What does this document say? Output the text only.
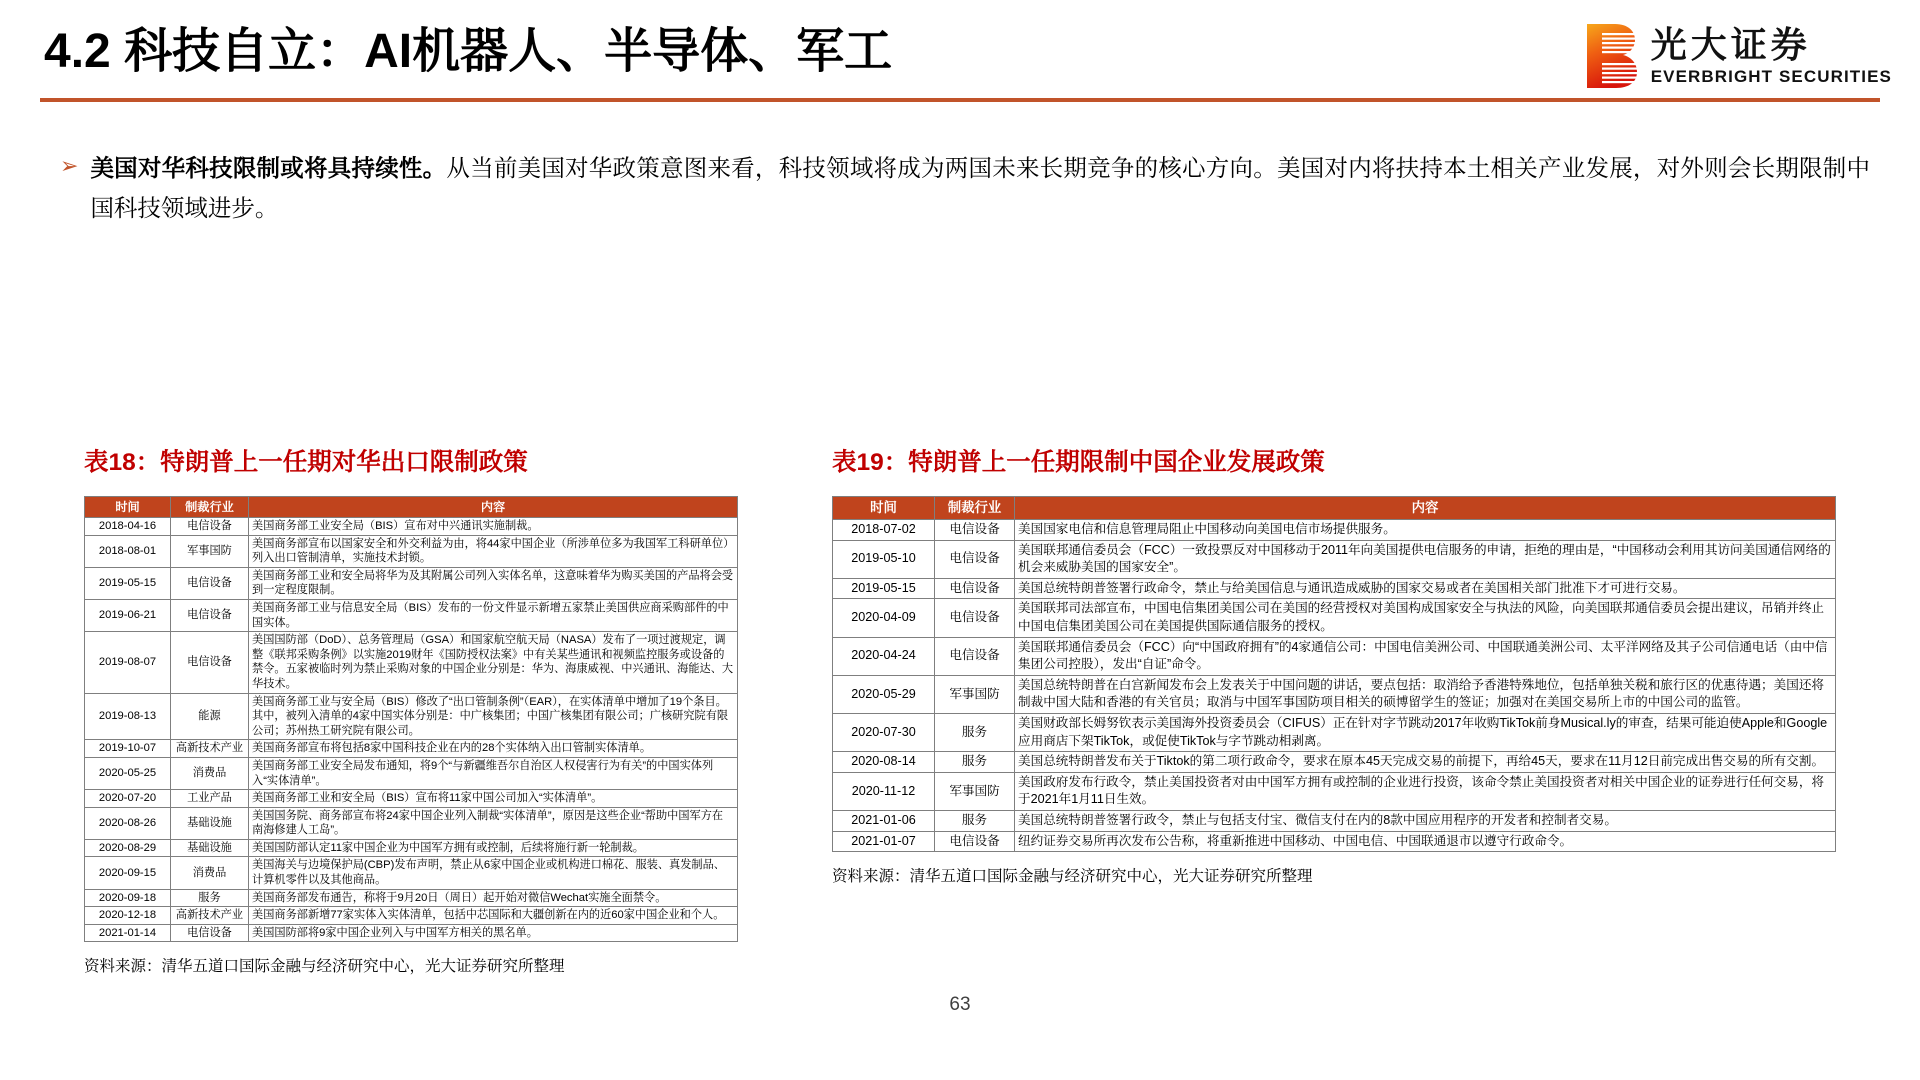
4.2 科技自立：AI机器人、半导体、军工	光大证券
EVERBRIGHT SECURITIES
➢ 美国对华科技限制或将具持续性。从当前美国对华政策意图来看，科技领域将成为两国未来长期竞争的核心方向。美国对内将扶持本土相关产业发展，对外则会长期限制中国科技领域进步。
表18：特朗普上一任期对华出口限制政策
时间	制裁行业	内容
2018-04-16	电信设备	美国商务部工业安全局（BIS）宣布对中兴通讯实施制裁。
2018-08-01	军事国防	美国商务部宣布以国家安全和外交利益为由，将44家中国企业（所涉单位多为我国军工科研单位）列入出口管制清单，实施技术封锁。
2019-05-15	电信设备	美国商务部工业和安全局将华为及其附属公司列入实体名单，这意味着华为购买美国的产品将会受到一定程度限制。
2019-06-21	电信设备	美国商务部工业与信息安全局（BIS）发布的一份文件显示新增五家禁止美国供应商采购部件的中国实体。
2019-08-07	电信设备	美国国防部（DoD）、总务管理局（GSA）和国家航空航天局（NASA）发布了一项过渡规定，调整《联邦采购条例》以实施2019财年《国防授权法案》中有关某些通讯和视频监控服务或设备的禁令。五家被临时列为禁止采购对象的中国企业分别是：华为、海康威视、中兴通讯、海能达、大华技术。
2019-08-13	能源	美国商务部工业与安全局（BIS）修改了“出口管制条例”（EAR），在实体清单中增加了19个条目。其中，被列入清单的4家中国实体分别是：中广核集团；中国广核集团有限公司；广核研究院有限公司；苏州热工研究院有限公司。
2019-10-07	高新技术产业	美国商务部宣布将包括8家中国科技企业在内的28个实体纳入出口管制实体清单。
2020-05-25	消费品	美国商务部工业安全局发布通知，将9个“与新疆维吾尔自治区人权侵害行为有关”的中国实体列入“实体清单”。
2020-07-20	工业产品	美国商务部工业和安全局（BIS）宣布将11家中国公司加入“实体清单”。
2020-08-26	基础设施	美国国务院、商务部宣布将24家中国企业列入制裁“实体清单”，原因是这些企业“帮助中国军方在南海修建人工岛”。
2020-08-29	基础设施	美国国防部认定11家中国企业为中国军方拥有或控制，后续将施行新一轮制裁。
2020-09-15	消费品	美国海关与边境保护局(CBP)发布声明，禁止从6家中国企业或机构进口棉花、服装、真发制品、计算机零件以及其他商品。
2020-09-18	服务	美国商务部发布通告，称将于9月20日（周日）起开始对微信Wechat实施全面禁令。
2020-12-18	高新技术产业	美国商务部新增77家实体入实体清单，包括中芯国际和大疆创新在内的近60家中国企业和个人。
2021-01-14	电信设备	美国国防部将9家中国企业列入与中国军方相关的黑名单。
资料来源：清华五道口国际金融与经济研究中心，光大证券研究所整理
表19：特朗普上一任期限制中国企业发展政策
时间	制裁行业	内容
2018-07-02	电信设备	美国国家电信和信息管理局阻止中国移动向美国电信市场提供服务。
2019-05-10	电信设备	美国联邦通信委员会（FCC）一致投票反对中国移动于2011年向美国提供电信服务的申请，拒绝的理由是，“中国移动会利用其访问美国通信网络的机会来威胁美国的国家安全”。
2019-05-15	电信设备	美国总统特朗普签署行政命令，禁止与给美国信息与通讯造成威胁的国家交易或者在美国相关部门批准下才可进行交易。
2020-04-09	电信设备	美国联邦司法部宣布，中国电信集团美国公司在美国的经营授权对美国构成国家安全与执法的风险，向美国联邦通信委员会提出建议，吊销并终止中国电信集团美国公司在美国提供国际通信服务的授权。
2020-04-24	电信设备	美国联邦通信委员会（FCC）向“中国政府拥有”的4家通信公司：中国电信美洲公司、中国联通美洲公司、太平洋网络及其子公司信通电话（由中信集团公司控股），发出“自证”命令。
2020-05-29	军事国防	美国总统特朗普在白宫新闻发布会上发表关于中国问题的讲话，要点包括：取消给予香港特殊地位，包括单独关税和旅行区的优惠待遇；美国还将制裁中国大陆和香港的有关官员；取消与中国军事国防项目相关的硕博留学生的签证；加强对在美国交易所上市的中国公司的监管。
2020-07-30	服务	美国财政部长姆努钦表示美国海外投资委员会（CIFUS）正在针对字节跳动2017年收购TikTok前身Musical.ly的审查，结果可能迫使Apple和Google应用商店下架TikTok，或促使TikTok与字节跳动相剥离。
2020-08-14	服务	美国总统特朗普发布关于Tiktok的第二项行政命令，要求在原本45天完成交易的前提下，再给45天，要求在11月12日前完成出售交易的所有交割。
2020-11-12	军事国防	美国政府发布行政令，禁止美国投资者对由中国军方拥有或控制的企业进行投资，该命令禁止美国投资者对相关中国企业的证券进行任何交易，将于2021年1月11日生效。
2021-01-06	服务	美国总统特朗普签署行政令，禁止与包括支付宝、微信支付在内的8款中国应用程序的开发者和控制者交易。
2021-01-07	电信设备	纽约证券交易所再次发布公告称，将重新推进中国移动、中国电信、中国联通退市以遵守行政命令。
资料来源：清华五道口国际金融与经济研究中心，光大证券研究所整理
63
